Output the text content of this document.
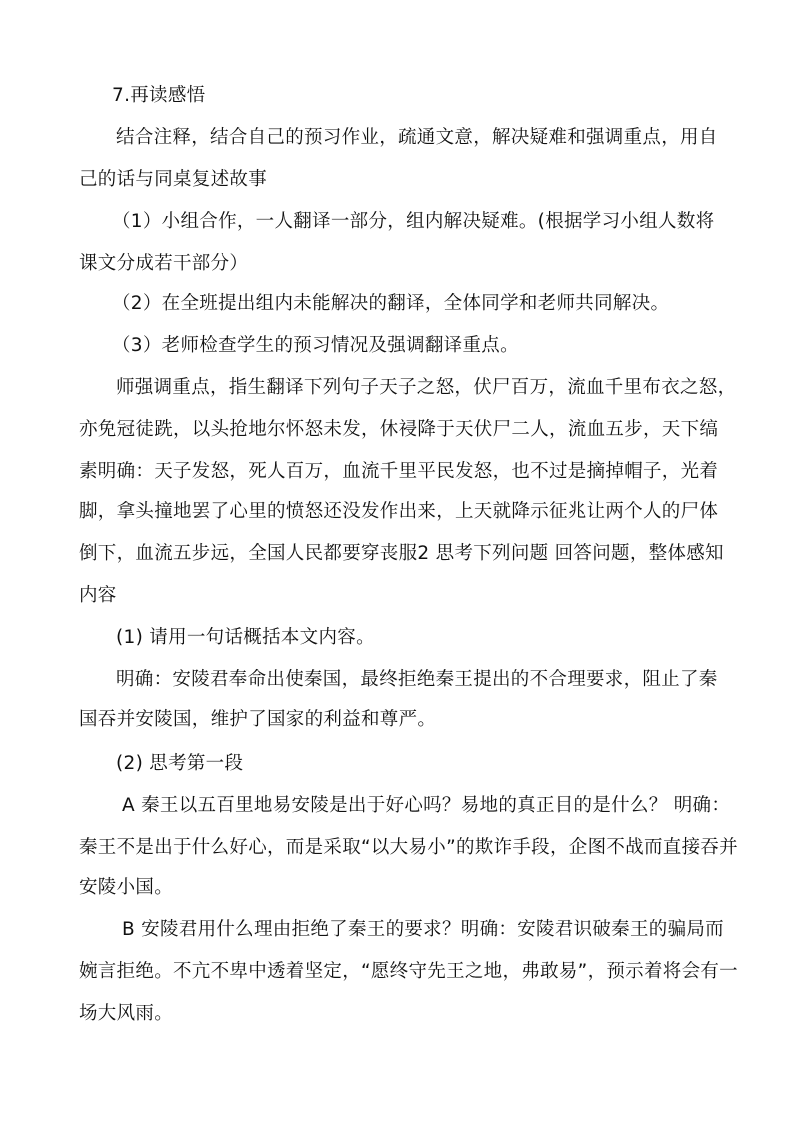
7.再读感悟
结合注释，结合自己的预习作业，疏通文意，解决疑难和强调重点，用自
己的话与同桌复述故事
（1）小组合作，一人翻译一部分，组内解决疑难。(根据学习小组人数将
课文分成若干部分）
（2）在全班提出组内未能解决的翻译，全体同学和老师共同解决。
（3）老师检查学生的预习情况及强调翻译重点。
师强调重点，指生翻译下列句子天子之怒，伏尸百万，流血千里布衣之怒，
亦免冠徒跣，以头抢地尔怀怒未发，休祲降于天伏尸二人，流血五步，天下缟
素明确：天子发怒，死人百万，血流千里平民发怒，也不过是摘掉帽子，光着
脚，拿头撞地罢了心里的愤怒还没发作出来，上天就降示征兆让两个人的尸体
倒下，血流五步远，全国人民都要穿丧服2 思考下列问题 回答问题，整体感知
内容
(1) 请用一句话概括本文内容。
明确：安陵君奉命出使秦国，最终拒绝秦王提出的不合理要求，阻止了秦
国吞并安陵国，维护了国家的利益和尊严。
(2) 思考第一段
A 秦王以五百里地易安陵是出于好心吗？易地的真正目的是什么？ 明确：
秦王不是出于什么好心，而是采取“以大易小”的欺诈手段，企图不战而直接吞并
安陵小国。
B 安陵君用什么理由拒绝了秦王的要求？明确：安陵君识破秦王的骗局而
婉言拒绝。不亢不卑中透着坚定，“愿终守先王之地，弗敢易”，预示着将会有一
场大风雨。
